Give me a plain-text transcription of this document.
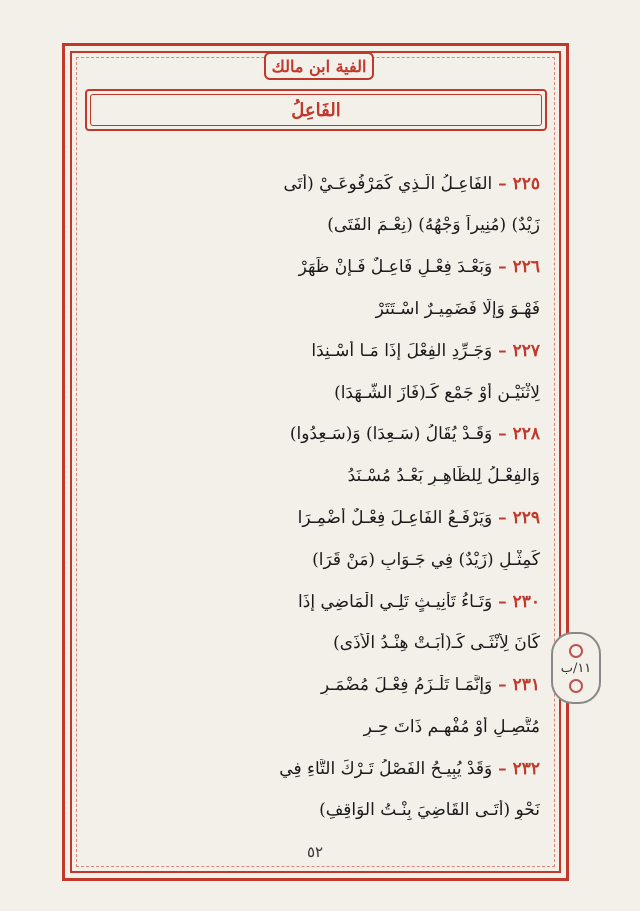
الفية ابن مالك
الفَاعِلُ
٢٢٥ – الفَاعِـلُ الَّـذِي كَمَرْفُوعَـيْ (أَتَى
زَيْدٌ) (مُنِيراً وَجْهُهُ) (نِعْـمَ الفَتَى)
٢٢٦ – وَبَعْـدَ فِعْـلٍ فَاعِـلٌ فَـإِنْ ظَهَرْ
فَهْـوَ وَإِلَّا فَضَمِيـرٌ اسْـتَتَرْ
٢٢٧ – وَجَـرِّدِ الفِعْلَ إِذَا مَـا أُسْـنِدَا
لِاثْنَيْـنِ أَوْ جَمْعٍ كَـ(فَازَ الشُّـهَدَا)
٢٢٨ – وَقَـدْ يُقَالُ (سَـعِدَا) وَ(سَـعِدُوا)
وَالفِعْـلُ لِلظَّاهِـرِ بَعْـدُ مُسْـنَدُ
٢٢٩ – وَيَرْفَـعُ الفَاعِـلَ فِعْـلٌ أُضْمِـرَا
كَمِثْـلِ (زَيْدٌ) فِي جَـوَابِ (مَنْ قَرَا)
٢٣٠ – وَتَـاءُ تَأْنِيـثٍ تَلِـي الْمَاضِي إِذَا
كَانَ لِأُنْثَـى كَـ(أَبَـتْ هِنْـدُ الْأَذَى)
٢٣١ – وَإِنَّمَـا تَلْـزَمُ فِعْـلَ مُضْمَـرِ
مُتَّصِـلٍ أَوْ مُفْهِـمٍ ذَاتَ حِـرِ
٢٣٢ – وَقَدْ يُبِيـحُ الفَصْلُ تَـرْكَ التَّاءِ فِي
نَحْوِ (أَتَـى القَاضِيَ بِنْـتُ الوَاقِفِ)
١١/ب
٥٢
